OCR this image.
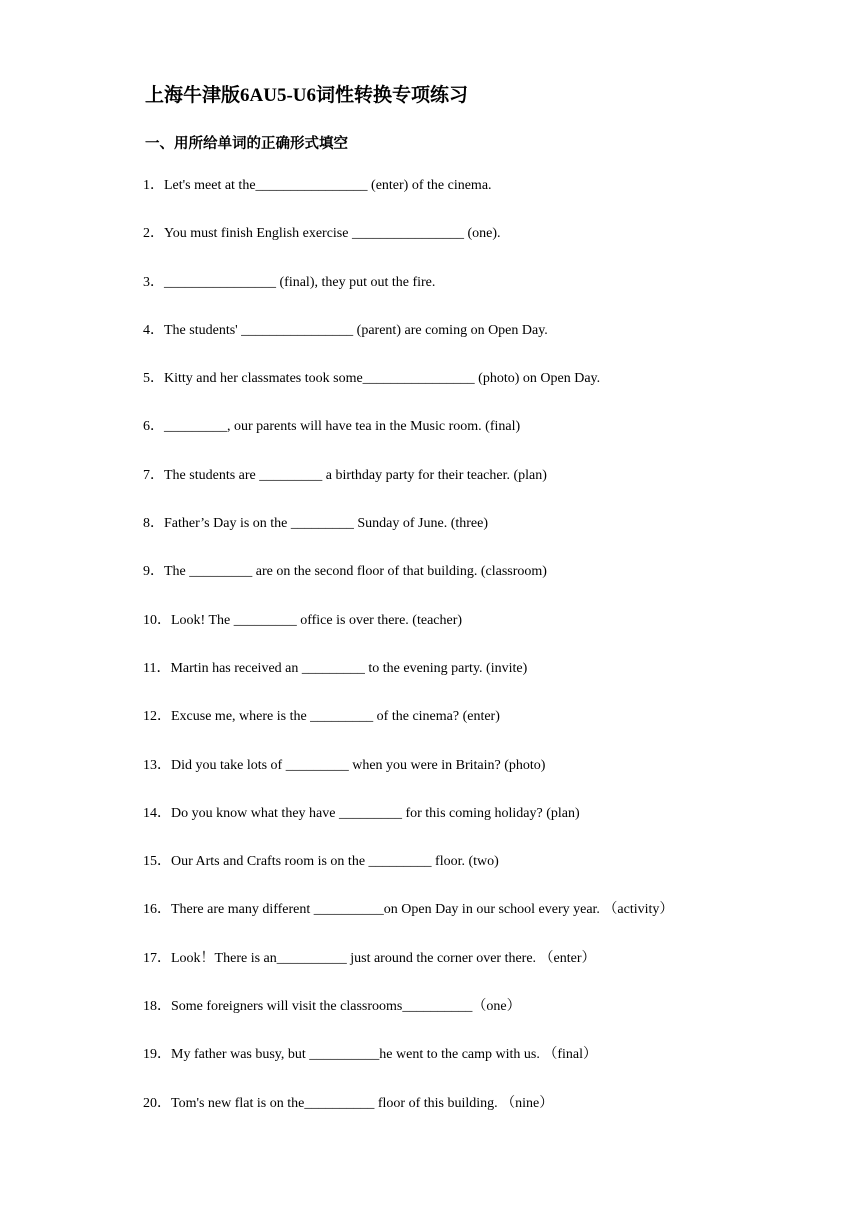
上海牛津版6AU5-U6词性转换专项练习
一、用所给单词的正确形式填空
1．Let's meet at the________________ (enter) of the cinema.
2．You must finish English exercise ________________ (one).
3．________________ (final), they put out the fire.
4．The students' ________________ (parent) are coming on Open Day.
5．Kitty and her classmates took some________________ (photo) on Open Day.
6．_________, our parents will have tea in the Music room. (final)
7．The students are _________ a birthday party for their teacher. (plan)
8．Father’s Day is on the _________ Sunday of June. (three)
9．The _________ are on the second floor of that building. (classroom)
10．Look! The _________ office is over there. (teacher)
11．Martin has received an _________ to the evening party. (invite)
12．Excuse me, where is the _________ of the cinema? (enter)
13．Did you take lots of _________ when you were in Britain? (photo)
14．Do you know what they have _________ for this coming holiday? (plan)
15．Our Arts and Crafts room is on the _________ floor. (two)
16．There are many different __________on Open Day in our school every year. （activity）
17．Look！There is an__________ just around the corner over there. （enter）
18．Some foreigners will visit the classrooms__________（one）
19．My father was busy, but __________he went to the camp with us. （final）
20．Tom's new flat is on the__________ floor of this building. （nine）
